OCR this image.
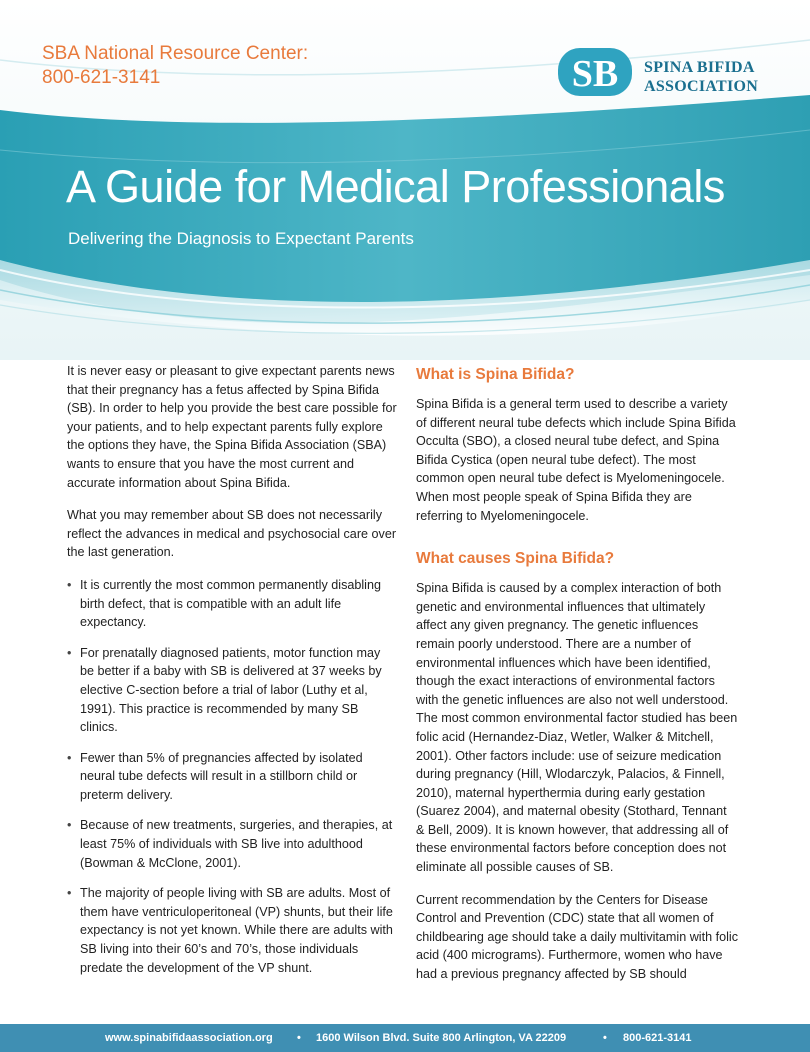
SBA National Resource Center:
800-621-3141	SB SPINA BIFIDA
ASSOCIATION
A Guide for Medical Professionals
Delivering the Diagnosis to Expectant Parents

It is never easy or pleasant to give expectant parents news that their pregnancy has a fetus affected by Spina Bifida (SB). In order to help you provide the best care possible for your patients, and to help expectant parents fully explore the options they have, the Spina Bifida Association (SBA) wants to ensure that you have the most current and accurate information about Spina Bifida.

What you may remember about SB does not necessarily reflect the advances in medical and psychosocial care over the last generation.

• It is currently the most common permanently disabling birth defect, that is compatible with an adult life expectancy.
• For prenatally diagnosed patients, motor function may be better if a baby with SB is delivered at 37 weeks by elective C-section before a trial of labor (Luthy et al, 1991). This practice is recommended by many SB clinics.
• Fewer than 5% of pregnancies affected by isolated neural tube defects will result in a stillborn child or preterm delivery.
• Because of new treatments, surgeries, and therapies, at least 75% of individuals with SB live into adulthood (Bowman & McClone, 2001).
• The majority of people living with SB are adults. Most of them have ventriculoperitoneal (VP) shunts, but their life expectancy is not yet known. While there are adults with SB living into their 60’s and 70’s, those individuals predate the development of the VP shunt.
What is Spina Bifida?

Spina Bifida is a general term used to describe a variety of different neural tube defects which include Spina Bifida Occulta (SBO), a closed neural tube defect, and Spina Bifida Cystica (open neural tube defect). The most common open neural tube defect is Myelomeningocele. When most people speak of Spina Bifida they are referring to Myelomeningocele.

What causes Spina Bifida?

Spina Bifida is caused by a complex interaction of both genetic and environmental influences that ultimately affect any given pregnancy. The genetic influences remain poorly understood. There are a number of environmental influences which have been identified, though the exact interactions of environmental factors with the genetic influences are also not well understood. The most common environmental factor studied has been folic acid (Hernandez-Diaz, Wetler, Walker & Mitchell, 2001). Other factors include: use of seizure medication during pregnancy (Hill, Wlodarczyk, Palacios, & Finnell, 2010), maternal hyperthermia during early gestation (Suarez 2004), and maternal obesity (Stothard, Tennant & Bell, 2009). It is known however, that addressing all of these environmental factors before conception does not eliminate all possible causes of SB.

Current recommendation by the Centers for Disease Control and Prevention (CDC) state that all women of childbearing age should take a daily multivitamin with folic acid (400 micrograms). Furthermore, women who have had a previous pregnancy affected by SB should

www.spinabifidaassociation.org • 1600 Wilson Blvd. Suite 800 Arlington, VA 22209	• 800-621-3141
